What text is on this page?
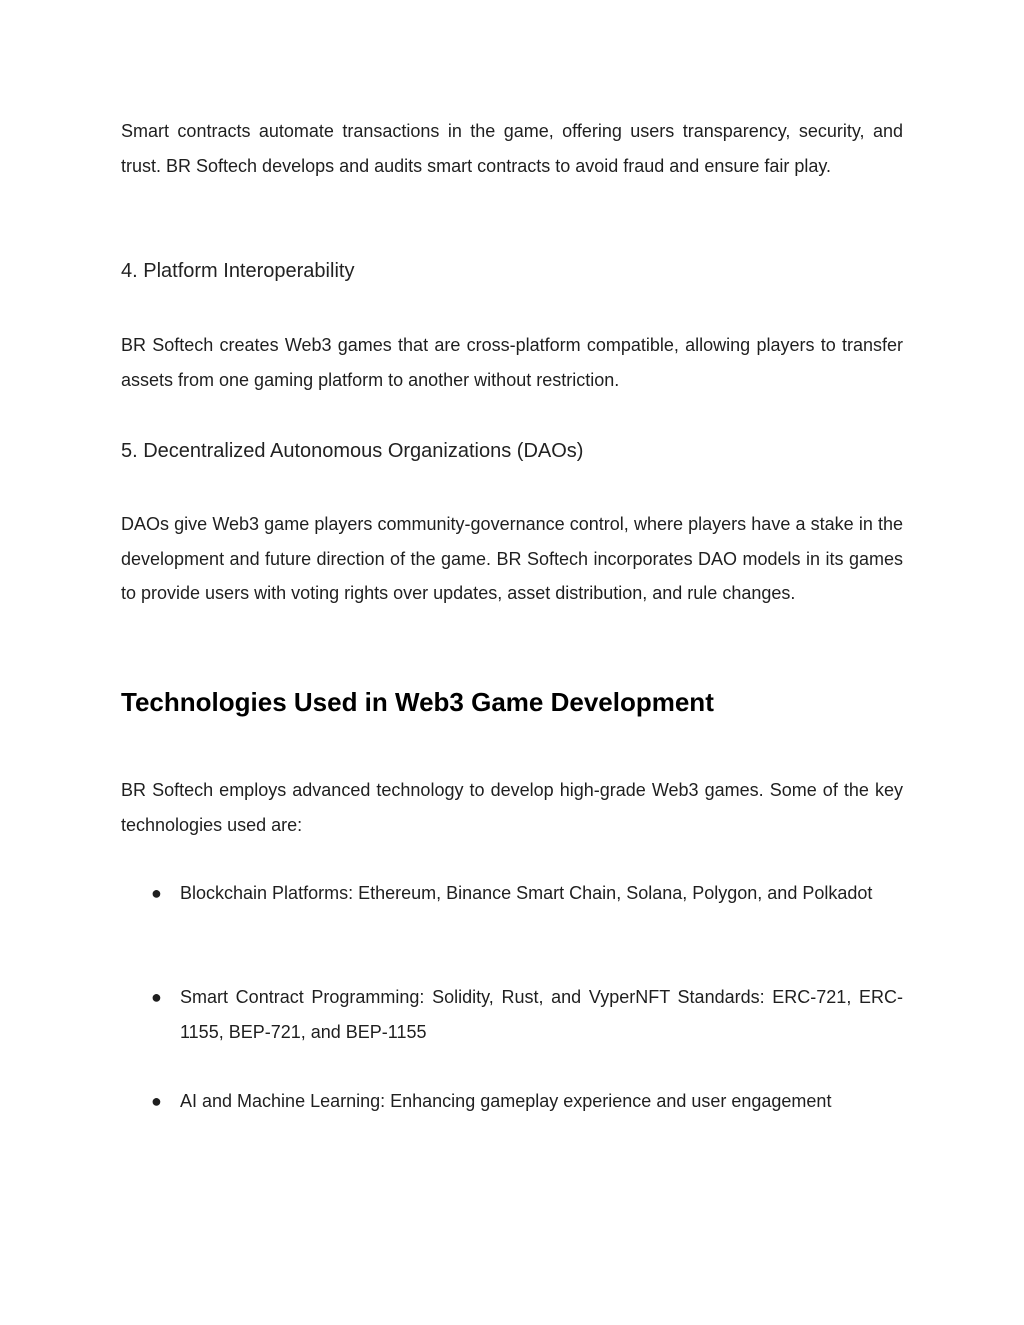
Smart contracts automate transactions in the game, offering users transparency, security, and trust. BR Softech develops and audits smart contracts to avoid fraud and ensure fair play.

4. Platform Interoperability

BR Softech creates Web3 games that are cross-platform compatible, allowing players to transfer assets from one gaming platform to another without restriction.

5. Decentralized Autonomous Organizations (DAOs)

DAOs give Web3 game players community-governance control, where players have a stake in the development and future direction of the game. BR Softech incorporates DAO models in its games to provide users with voting rights over updates, asset distribution, and rule changes.

Technologies Used in Web3 Game Development

BR Softech employs advanced technology to develop high-grade Web3 games. Some of the key technologies used are:

● Blockchain Platforms: Ethereum, Binance Smart Chain, Solana, Polygon, and Polkadot

● Smart Contract Programming: Solidity, Rust, and VyperNFT Standards: ERC-721, ERC-1155, BEP-721, and BEP-1155

● AI and Machine Learning: Enhancing gameplay experience and user engagement
